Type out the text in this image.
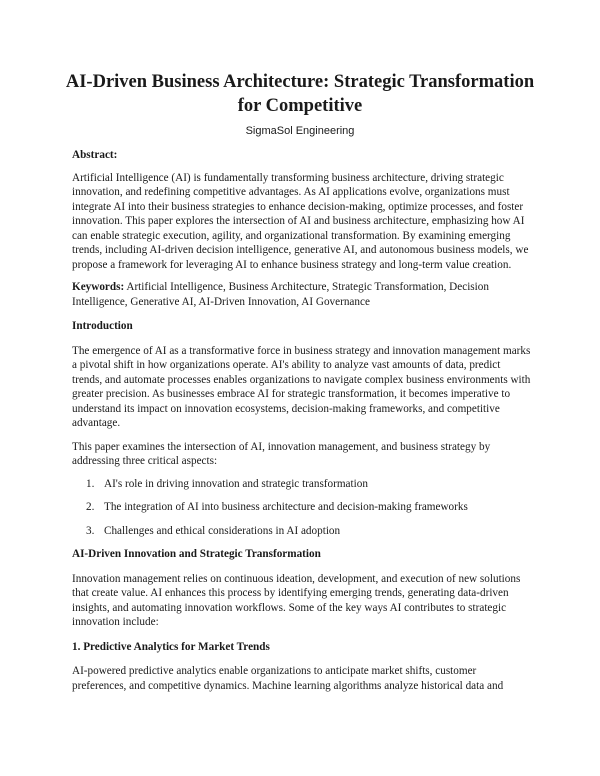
AI-Driven Business Architecture: Strategic Transformation for Competitive

SigmaSol Engineering

Abstract:

Artificial Intelligence (AI) is fundamentally transforming business architecture, driving strategic innovation, and redefining competitive advantages. As AI applications evolve, organizations must integrate AI into their business strategies to enhance decision-making, optimize processes, and foster innovation. This paper explores the intersection of AI and business architecture, emphasizing how AI can enable strategic execution, agility, and organizational transformation. By examining emerging trends, including AI-driven decision intelligence, generative AI, and autonomous business models, we propose a framework for leveraging AI to enhance business strategy and long-term value creation.

Keywords: Artificial Intelligence, Business Architecture, Strategic Transformation, Decision Intelligence, Generative AI, AI-Driven Innovation, AI Governance

Introduction

The emergence of AI as a transformative force in business strategy and innovation management marks a pivotal shift in how organizations operate. AI's ability to analyze vast amounts of data, predict trends, and automate processes enables organizations to navigate complex business environments with greater precision. As businesses embrace AI for strategic transformation, it becomes imperative to understand its impact on innovation ecosystems, decision-making frameworks, and competitive advantage.

This paper examines the intersection of AI, innovation management, and business strategy by addressing three critical aspects:

1. AI's role in driving innovation and strategic transformation
2. The integration of AI into business architecture and decision-making frameworks
3. Challenges and ethical considerations in AI adoption

AI-Driven Innovation and Strategic Transformation

Innovation management relies on continuous ideation, development, and execution of new solutions that create value. AI enhances this process by identifying emerging trends, generating data-driven insights, and automating innovation workflows. Some of the key ways AI contributes to strategic innovation include:

1. Predictive Analytics for Market Trends

AI-powered predictive analytics enable organizations to anticipate market shifts, customer preferences, and competitive dynamics. Machine learning algorithms analyze historical data and
